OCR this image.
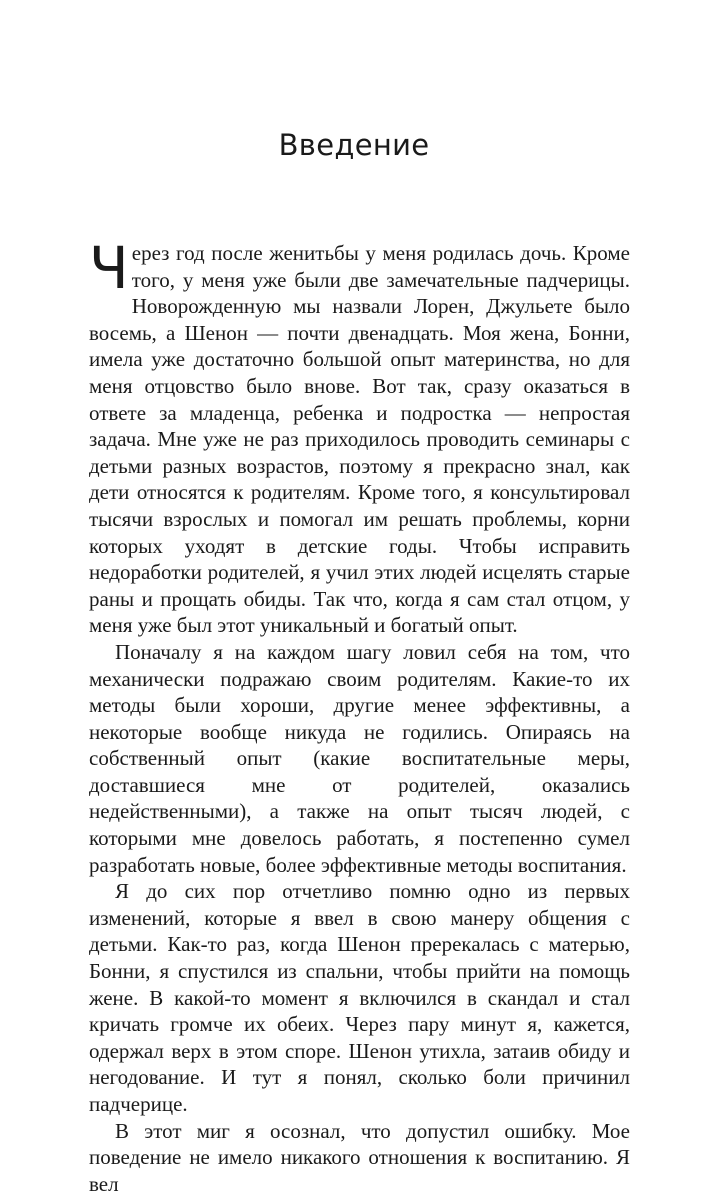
Введение

Через год после женитьбы у меня родилась дочь. Кроме того, у меня уже были две замечательные падчерицы. Новорожденную мы назвали Лорен, Джульете было восемь, а Шенон — почти двенадцать. Моя жена, Бонни, имела уже достаточно большой опыт материнства, но для меня отцовство было вновe. Вот так, сразу оказаться в ответе за младенца, ребенка и подростка — непростая задача. Мне уже не раз приходилось проводить семинары с детьми разных возрастов, поэтому я прекрасно знал, как дети относятся к родителям. Кроме того, я консультировал тысячи взрослых и помогал им решать проблемы, корни которых уходят в детские годы. Чтобы исправить недоработки родителей, я учил этих людей исцелять старые раны и прощать обиды. Так что, когда я сам стал отцом, у меня уже был этот уникальный и богатый опыт.

Поначалу я на каждом шагу ловил себя на том, что механически подражаю своим родителям. Какие-то их методы были хороши, другие менее эффективны, а некоторые вообще никуда не годились. Опираясь на собственный опыт (какие воспитательные меры, доставшиеся мне от родителей, оказались недейственными), а также на опыт тысяч людей, с которыми мне довелось работать, я постепенно сумел разработать новые, более эффективные методы воспитания.

Я до сих пор отчетливо помню одно из первых изменений, которые я ввел в свою манеру общения с детьми. Как-то раз, когда Шенон пререкалась с матерью, Бонни, я спустился из спальни, чтобы прийти на помощь жене. В какой-то момент я включился в скандал и стал кричать громче их обеих. Через пару минут я, кажется, одержал верх в этом споре. Шенон утихла, затаив обиду и негодование. И тут я понял, сколько боли причинил падчерице.

В этот миг я осознал, что допустил ошибку. Мое поведение не имело никакого отношения к воспитанию. Я вел
